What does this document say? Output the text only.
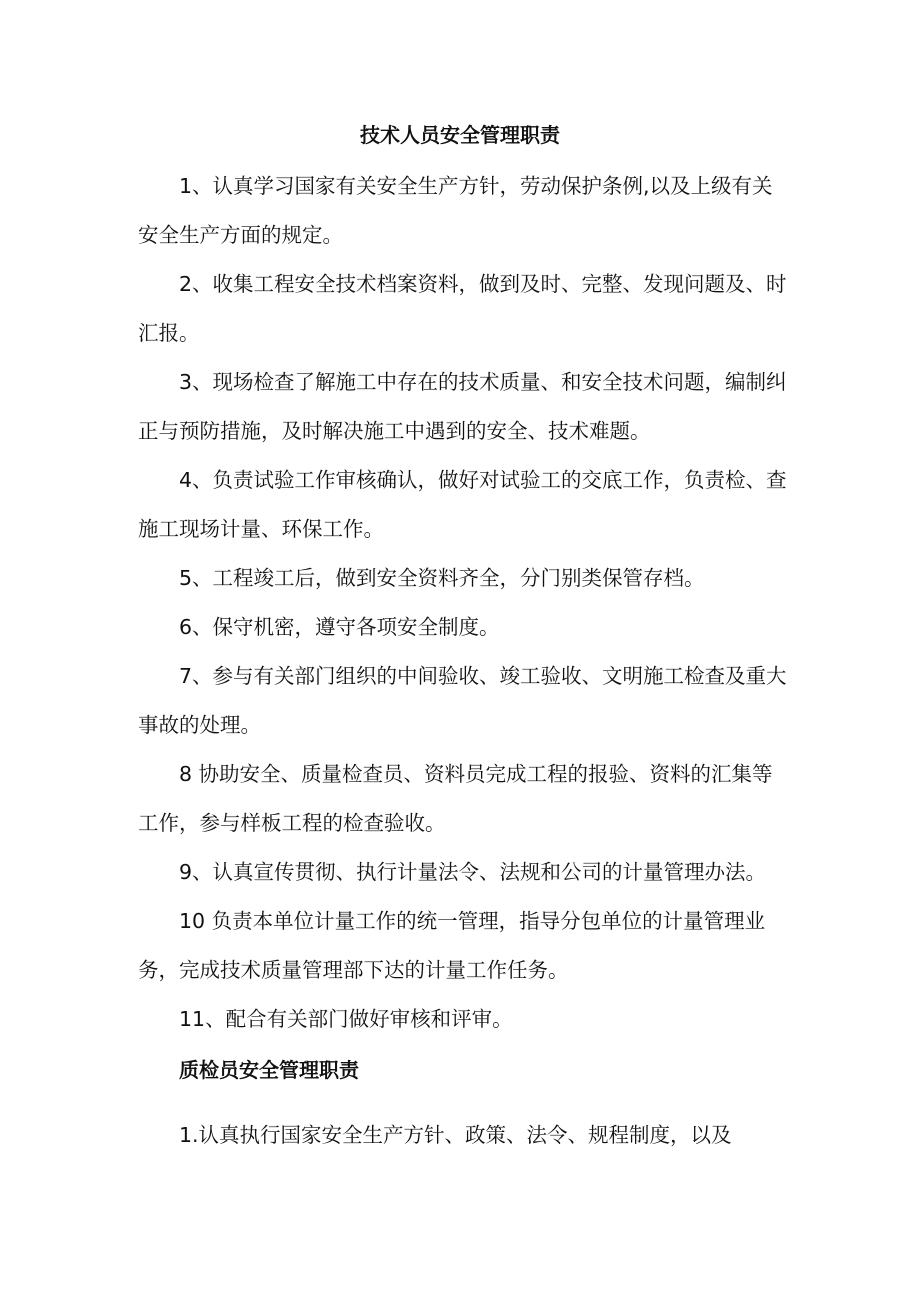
技术人员安全管理职责

1、认真学习国家有关安全生产方针，劳动保护条例,以及上级有关安全生产方面的规定。

2、收集工程安全技术档案资料，做到及时、完整、发现问题及、时汇报。

3、现场检查了解施工中存在的技术质量、和安全技术问题，编制纠正与预防措施，及时解决施工中遇到的安全、技术难题。

4、负责试验工作审核确认，做好对试验工的交底工作，负责检、查施工现场计量、环保工作。

5、工程竣工后，做到安全资料齐全，分门别类保管存档。

6、保守机密，遵守各项安全制度。

7、参与有关部门组织的中间验收、竣工验收、文明施工检查及重大事故的处理。

8 协助安全、质量检查员、资料员完成工程的报验、资料的汇集等工作，参与样板工程的检查验收。

9、认真宣传贯彻、执行计量法令、法规和公司的计量管理办法。

10 负责本单位计量工作的统一管理，指导分包单位的计量管理业务，完成技术质量管理部下达的计量工作任务。

11、配合有关部门做好审核和评审。

质检员安全管理职责

1.认真执行国家安全生产方针、政策、法令、规程制度，以及
